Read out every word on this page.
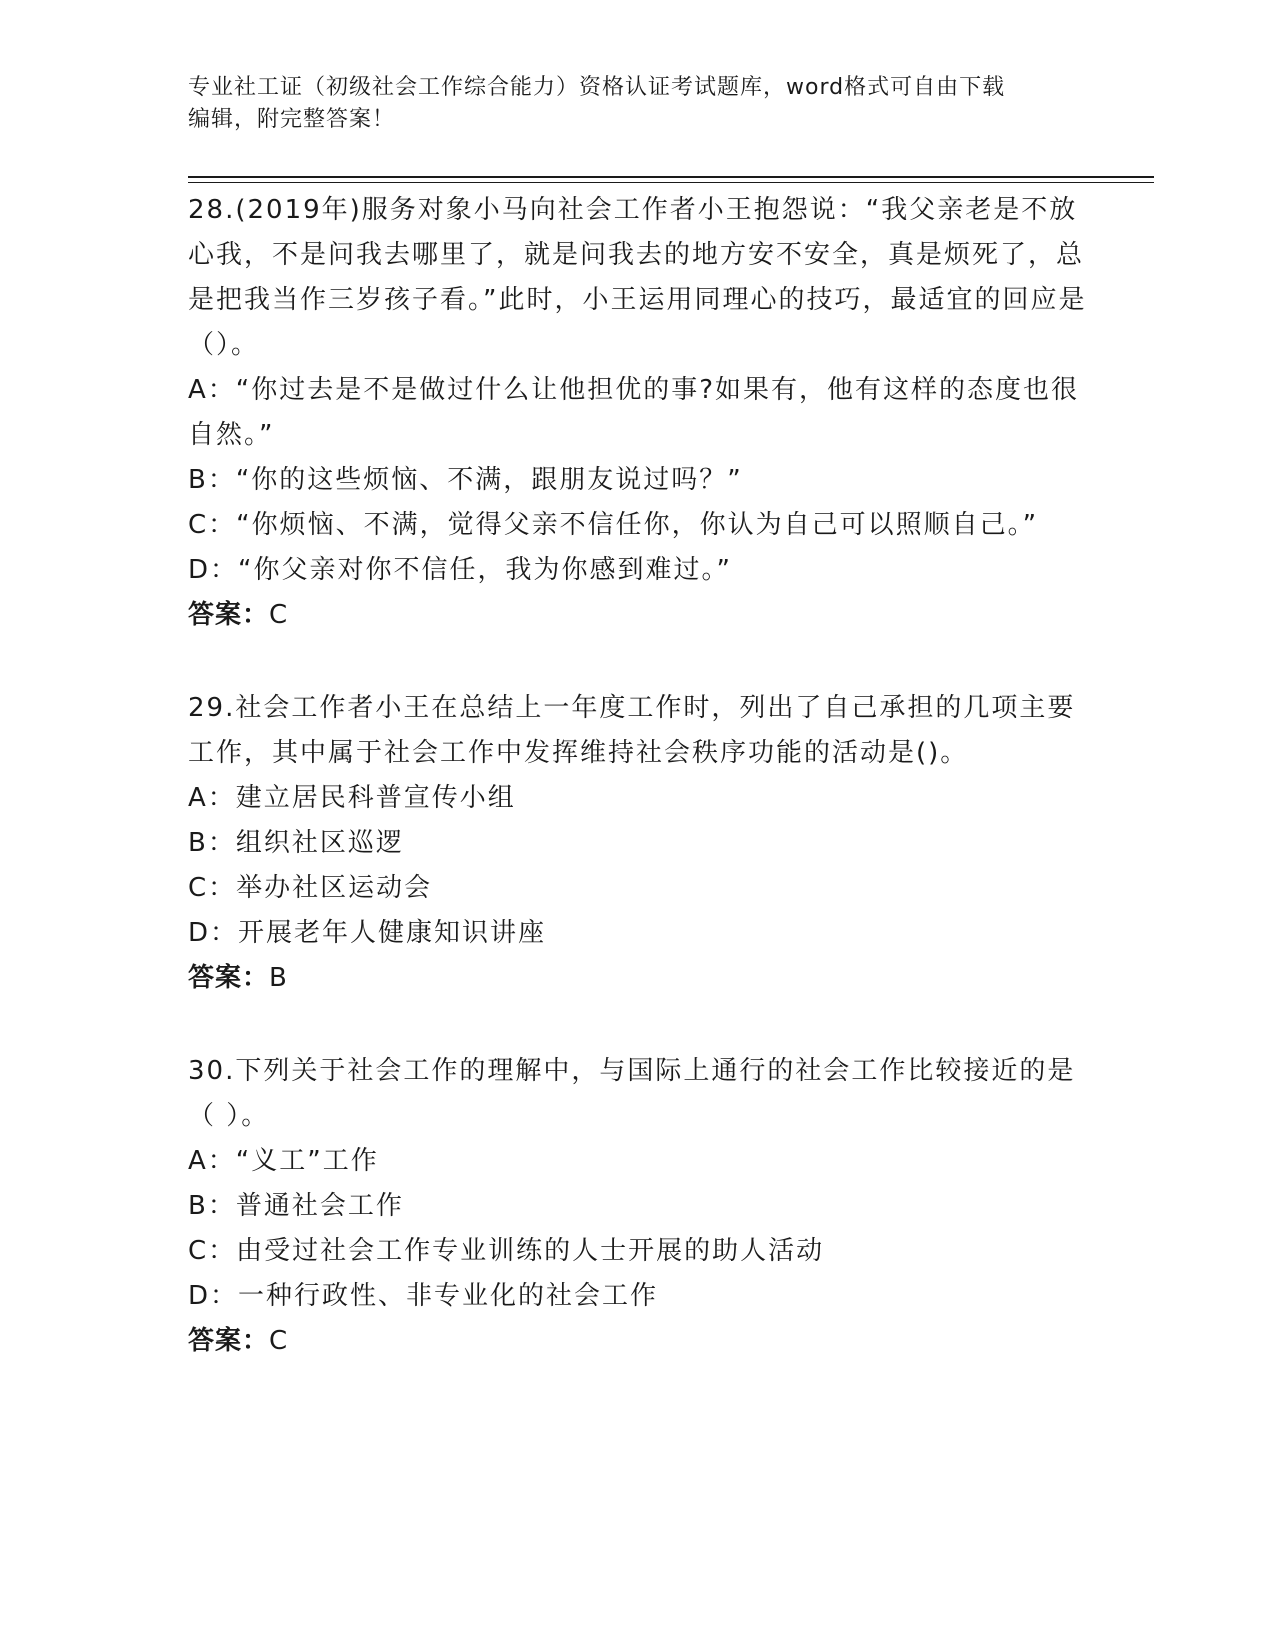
专业社工证（初级社会工作综合能力）资格认证考试题库，word格式可自由下载
编辑，附完整答案！
28.(2019年)服务对象小马向社会工作者小王抱怨说：“我父亲老是不放心我，不是问我去哪里了，就是问我去的地方安不安全，真是烦死了，总是把我当作三岁孩子看。”此时，小王运用同理心的技巧，最适宜的回应是（）。
A：“你过去是不是做过什么让他担优的事?如果有，他有这样的态度也很自然。”
B：“你的这些烦恼、不满，跟朋友说过吗？”
C：“你烦恼、不满，觉得父亲不信任你，你认为自己可以照顺自己。”
D：“你父亲对你不信任，我为你感到难过。”
答案：C
29.社会工作者小王在总结上一年度工作时，列出了自己承担的几项主要工作，其中属于社会工作中发挥维持社会秩序功能的活动是()。
A：建立居民科普宣传小组
B：组织社区巡逻
C：举办社区运动会
D：开展老年人健康知识讲座
答案：B
30.下列关于社会工作的理解中，与国际上通行的社会工作比较接近的是（ ）。
A：“义工”工作
B：普通社会工作
C：由受过社会工作专业训练的人士开展的助人活动
D：一种行政性、非专业化的社会工作
答案：C
